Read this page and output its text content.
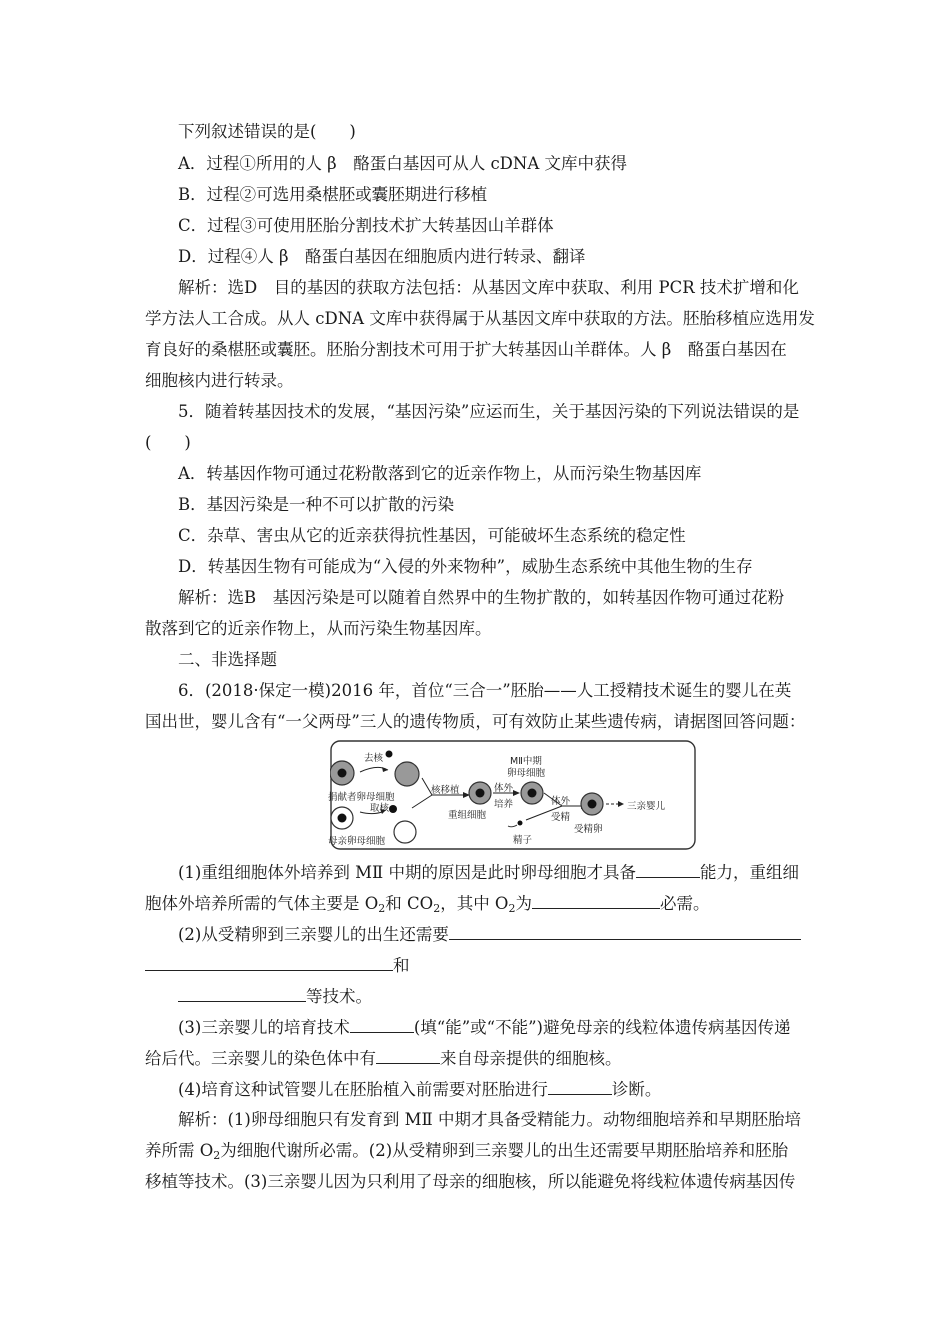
下列叙述错误的是(　　)
A．过程①所用的人 β　酪蛋白基因可从人 cDNA 文库中获得
B．过程②可选用桑椹胚或囊胚期进行移植
C．过程③可使用胚胎分割技术扩大转基因山羊群体
D．过程④人 β　酪蛋白基因在细胞质内进行转录、翻译
解析：选D　目的基因的获取方法包括：从基因文库中获取、利用 PCR 技术扩增和化
学方法人工合成。从人 cDNA 文库中获得属于从基因文库中获取的方法。胚胎移植应选用发
育良好的桑椹胚或囊胚。胚胎分割技术可用于扩大转基因山羊群体。人 β　酪蛋白基因在
细胞核内进行转录。
5．随着转基因技术的发展，“基因污染”应运而生，关于基因污染的下列说法错误的是
(　　)
A．转基因作物可通过花粉散落到它的近亲作物上，从而污染生物基因库
B．基因污染是一种不可以扩散的污染
C．杂草、害虫从它的近亲获得抗性基因，可能破坏生态系统的稳定性
D．转基因生物有可能成为“入侵的外来物种”，威胁生态系统中其他生物的生存
解析：选B　基因污染是可以随着自然界中的生物扩散的，如转基因作物可通过花粉
散落到它的近亲作物上，从而污染生物基因库。
二、非选择题
6．(2018·保定一模)2016 年，首位“三合一”胚胎——人工授精技术诞生的婴儿在英
国出世，婴儿含有“一父两母”三人的遗传物质，可有效防止某些遗传病，请据图回答问题：
去核
捐献者卵母细胞
取核
母亲卵母细胞
核移植
重组细胞
体外
培养
MⅡ中期
卵母细胞
体外
受精
精子
受精卵
三亲婴儿
(1)重组细胞体外培养到 MⅡ 中期的原因是此时卵母细胞才具备	能力，重组细
胞体外培养所需的气体主要是 $O_2$和 $CO_2$，其中 $O_2$为	必需。
(2)从受精卵到三亲婴儿的出生还需要
和
等技术。
(3)三亲婴儿的培育技术	(填“能”或“不能”)避免母亲的线粒体遗传病基因传递
给后代。三亲婴儿的染色体中有	来自母亲提供的细胞核。
(4)培育这种试管婴儿在胚胎植入前需要对胚胎进行	诊断。
解析：(1)卵母细胞只有发育到 MⅡ 中期才具备受精能力。动物细胞培养和早期胚胎培
养所需 $O_2$为细胞代谢所必需。(2)从受精卵到三亲婴儿的出生还需要早期胚胎培养和胚胎
移植等技术。(3)三亲婴儿因为只利用了母亲的细胞核，所以能避免将线粒体遗传病基因传
